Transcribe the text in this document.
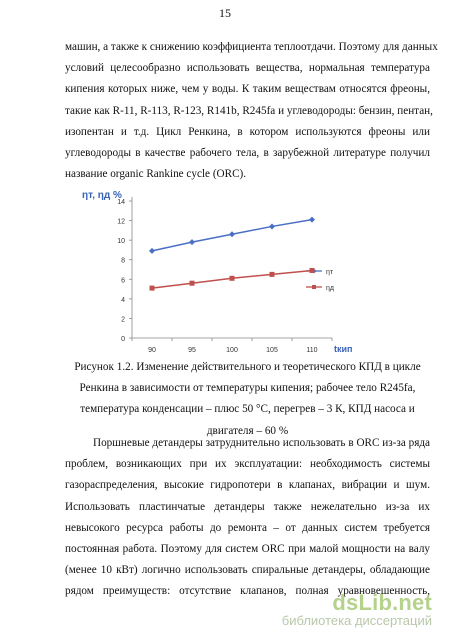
15
машин, а также к снижению коэффициента теплоотдачи. Поэтому для данных
условий целесообразно использовать вещества, нормальная температура
кипения которых ниже, чем у воды. К таким веществам относятся фреоны,
такие как R-11, R-113, R-123, R141b, R245fa и углеводороды: бензин, пентан,
изопентан и т.д. Цикл Ренкина, в котором используются фреоны или
углеводороды в качестве рабочего тела, в зарубежной литературе получил
название organic Rankine cycle (ORC).
ηт, ηд %
0
2
4
6
8
10
12
14
90	95	100	105	110 tкип
ηт
ηд
Рисунок 1.2. Изменение действительного и теоретического КПД в цикле
Ренкина в зависимости от температуры кипения; рабочее тело R245fa,
температура конденсации – плюс 50 °С, перегрев – 3 К, КПД насоса и
двигателя – 60 %
Поршневые детандеры затруднительно использовать в ORC из-за ряда
проблем, возникающих при их эксплуатации: необходимость системы
газораспределения, высокие гидропотери в клапанах, вибрации и шум.
Использовать пластинчатые детандеры также нежелательно из-за их
невысокого ресурса работы до ремонта – от данных систем требуется
постоянная работа. Поэтому для систем ORC при малой мощности на валу
(менее 10 кВт) логично использовать спиральные детандеры, обладающие
рядом преимуществ: отсутствие клапанов, полная уравновешенность,
dsLib.net
библиотека диссертаций
